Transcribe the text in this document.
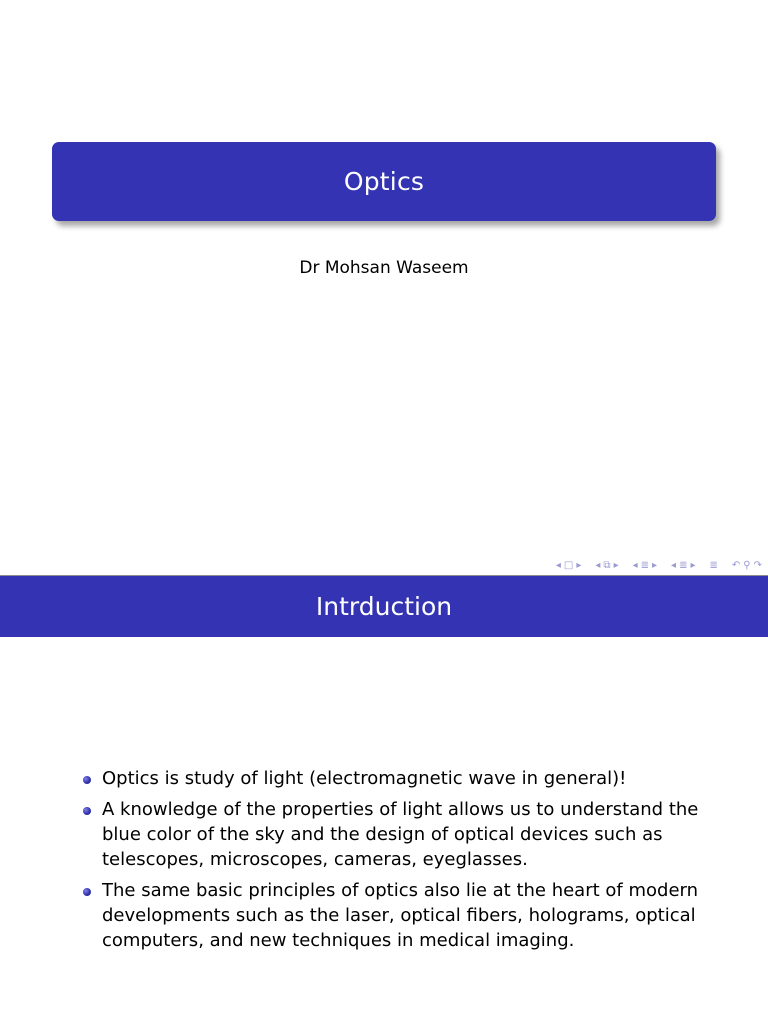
Optics
Dr Mohsan Waseem
◂ □ ▸ ◂ ⧉ ▸ ◂ ≣ ▸ ◂ ≣ ▸ ≣ ↶ ⚲ ↷
Intrduction
Optics is study of light (electromagnetic wave in general)!
A knowledge of the properties of light allows us to understand the blue color of the sky and the design of optical devices such as telescopes, microscopes, cameras, eyeglasses.
The same basic principles of optics also lie at the heart of modern developments such as the laser, optical fibers, holograms, optical computers, and new techniques in medical imaging.
